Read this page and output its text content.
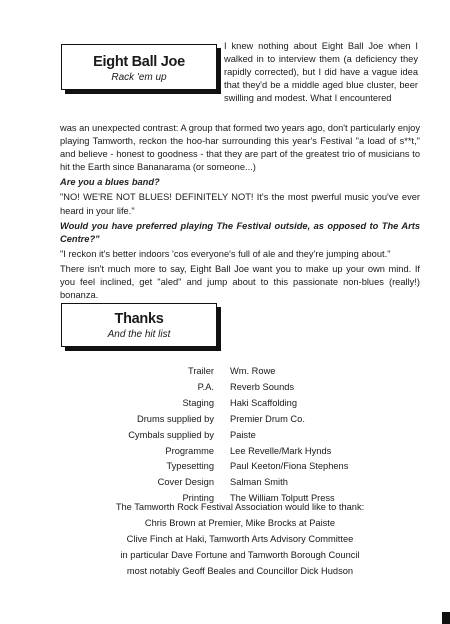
Eight Ball Joe
Rack 'em up
I knew nothing about Eight Ball Joe when I walked in to interview them (a deficiency they rapidly corrected), but I did have a vague idea that they'd be a middle aged blue cluster, beer swilling and modest. What I encountered

was an unexpected contrast: A group that formed two years ago, don't particularly enjoy playing Tamworth, reckon the hoo-har surrounding this year's Festival "a load of s**t," and believe - honest to goodness - that they are part of the greatest trio of musicians to hit the Earth since Bananarama (or someone...)

Are you a blues band?

"NO! WE'RE NOT BLUES! DEFINITELY NOT! It's the most pwerful music you've ever heard in your life."

Would you have preferred playing The Festival outside, as opposed to The Arts Centre?"

"I reckon it's better indoors 'cos everyone's full of ale and they're jumping about."

There isn't much more to say, Eight Ball Joe want you to make up your own mind. If you feel inclined, get "aled" and jump about to this passionate non-blues (really!) bonanza.

Thanks
And the hit list
Trailer	Wm. Rowe
P.A.	Reverb Sounds
Staging	Haki Scaffolding
Drums supplied by	Premier Drum Co.
Cymbals supplied by	Paiste
Programme	Lee Revelle/Mark Hynds
Typesetting	Paul Keeton/Fiona Stephens
Cover Design	Salman Smith
Printing	The William Tolputt Press
The Tamworth Rock Festival Association would like to thank:
Chris Brown at Premier, Mike Brocks at Paiste
Clive Finch at Haki, Tamworth Arts Advisory Committee
in particular Dave Fortune and Tamworth Borough Council
most notably Geoff Beales and Councillor Dick Hudson
